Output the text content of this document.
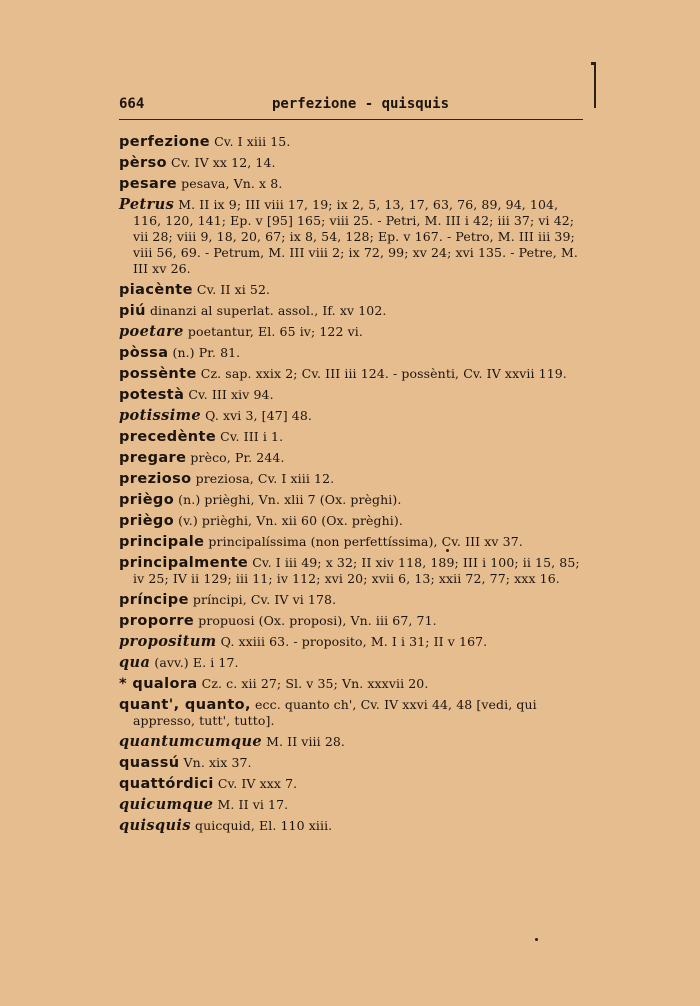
664	perfezione - quisquis
perfezione Cv. I xiii 15.
pèrso Cv. IV xx 12, 14.
pesare pesava, Vn. x 8.
Petrus M. II ix 9; III viii 17, 19; ix 2, 5, 13, 17, 63, 76, 89, 94, 104, 116, 120, 141; Ep. v [95] 165; viii 25. - Petri, M. III i 42; iii 37; vi 42; vii 28; viii 9, 18, 20, 67; ix 8, 54, 128; Ep. v 167. - Petro, M. III iii 39; viii 56, 69. - Petrum, M. III viii 2; ix 72, 99; xv 24; xvi 135. - Petre, M. III xv 26.
piacènte Cv. II xi 52.
piú dinanzi al superlat. assol., If. xv 102.
poetare poetantur, El. 65 iv; 122 vi.
pòssa (n.) Pr. 81.
possènte Cz. sap. xxix 2; Cv. III iii 124. - possènti, Cv. IV xxvii 119.
potestà Cv. III xiv 94.
potissime Q. xvi 3, [47] 48.
precedènte Cv. III i 1.
pregare prèco, Pr. 244.
prezioso preziosa, Cv. I xiii 12.
prièɡo (n.) prièghi, Vn. xlii 7 (Ox. prèghi).
prièɡo (v.) prièghi, Vn. xii 60 (Ox. prèghi).
principale principalíssima (non perfettíssima), Cv. III xv 37.
principalmente Cv. I iii 49; x 32; II xiv 118, 189; III i 100; ii 15, 85; iv 25; IV ii 129; iii 11; iv 112; xvi 20; xvii 6, 13; xxii 72, 77; xxx 16.
príncipe príncipi, Cv. IV vi 178.
proporre propuosi (Ox. proposi), Vn. iii 67, 71.
propositum Q. xxiii 63. - proposito, M. I i 31; II v 167.
qua (avv.) E. i 17.
* qualora Cz. c. xii 27; Sl. v 35; Vn. xxxvii 20.
quant', quanto, ecc. quanto ch', Cv. IV xxvi 44, 48 [vedi, qui appresso, tutt', tutto].
quantumcumque M. II viii 28.
quassú Vn. xix 37.
quattórdici Cv. IV xxx 7.
quicumque M. II vi 17.
quisquis quicquid, El. 110 xiii.
